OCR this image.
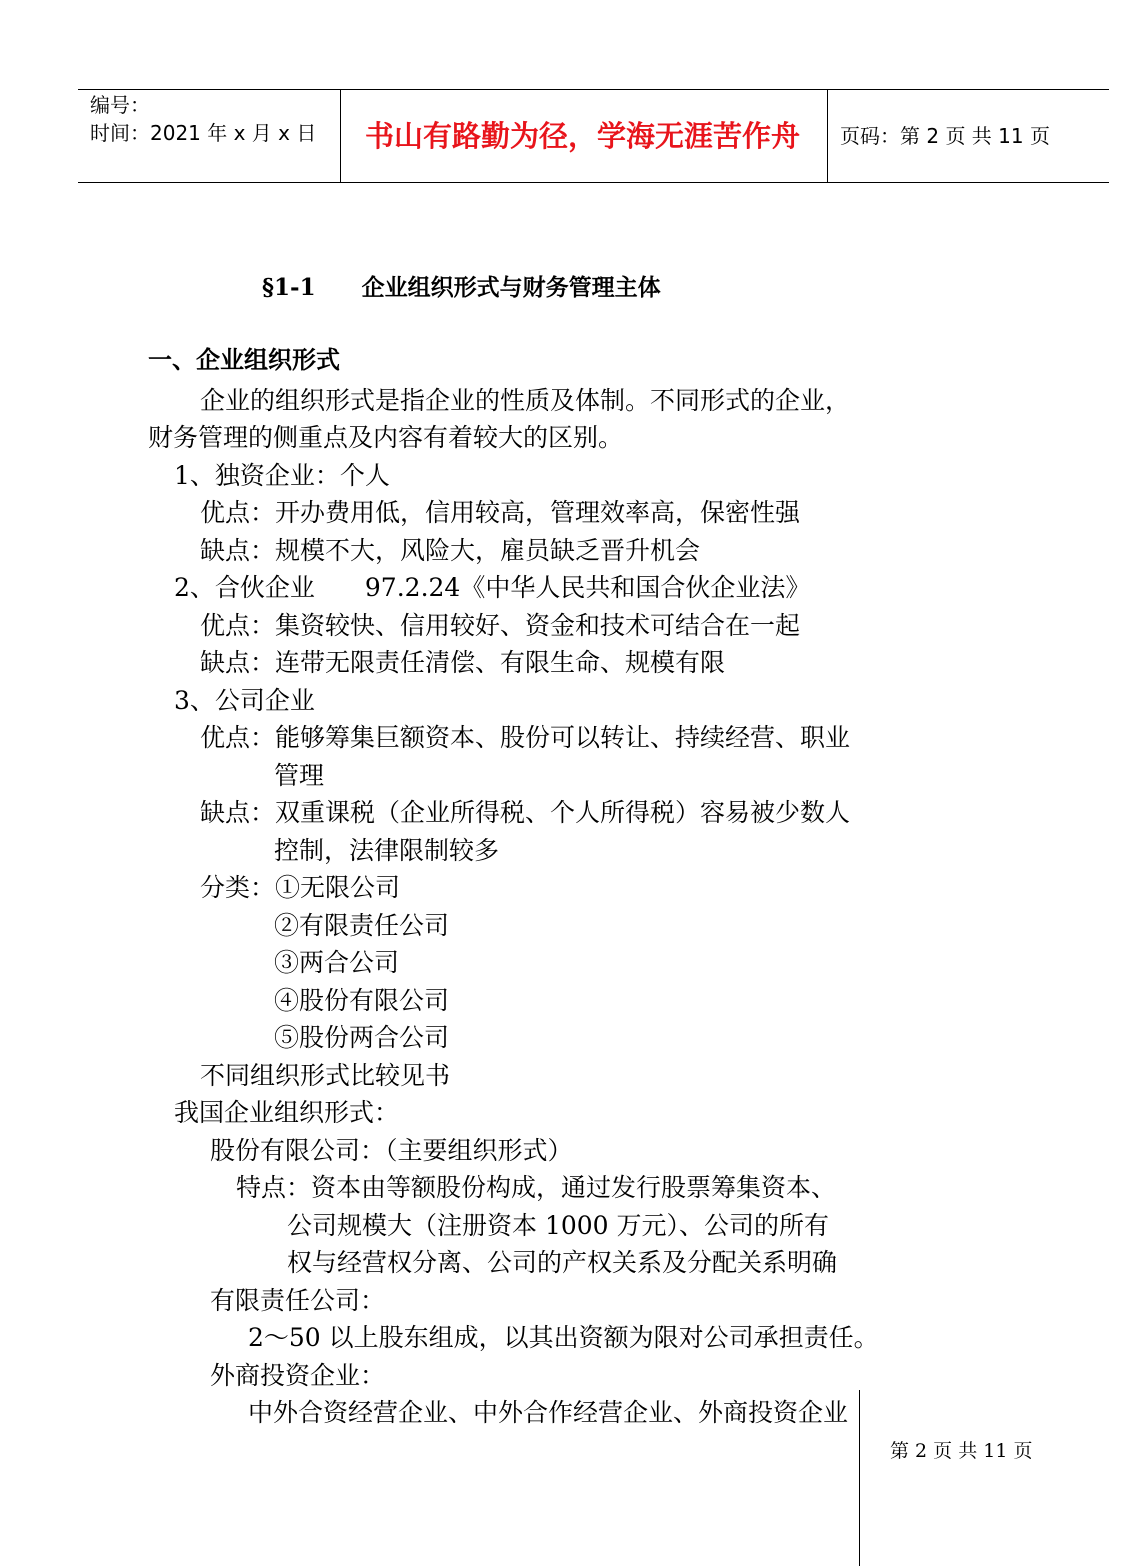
编号：
时间：2021 年 x 月 x 日 书山有路勤为径，学海无涯苦作舟 页码：第 2 页 共 11 页
§1-1　　企业组织形式与财务管理主体
一、企业组织形式
企业的组织形式是指企业的性质及体制。不同形式的企业，
财务管理的侧重点及内容有着较大的区别。
1、独资企业：个人
优点：开办费用低，信用较高，管理效率高，保密性强
缺点：规模不大，风险大，雇员缺乏晋升机会
2、合伙企业　　97.2.24《中华人民共和国合伙企业法》
优点：集资较快、信用较好、资金和技术可结合在一起
缺点：连带无限责任清偿、有限生命、规模有限
3、公司企业
优点：能够筹集巨额资本、股份可以转让、持续经营、职业
管理
缺点：双重课税（企业所得税、个人所得税）容易被少数人
控制，法律限制较多
分类：①无限公司
②有限责任公司
③两合公司
④股份有限公司
⑤股份两合公司
不同组织形式比较见书
我国企业组织形式：
股份有限公司：（主要组织形式）
特点：资本由等额股份构成，通过发行股票筹集资本、
公司规模大（注册资本 1000 万元）、公司的所有
权与经营权分离、公司的产权关系及分配关系明确
有限责任公司：
2～50 以上股东组成，以其出资额为限对公司承担责任。
外商投资企业：
中外合资经营企业、中外合作经营企业、外商投资企业
第 2 页 共 11 页
